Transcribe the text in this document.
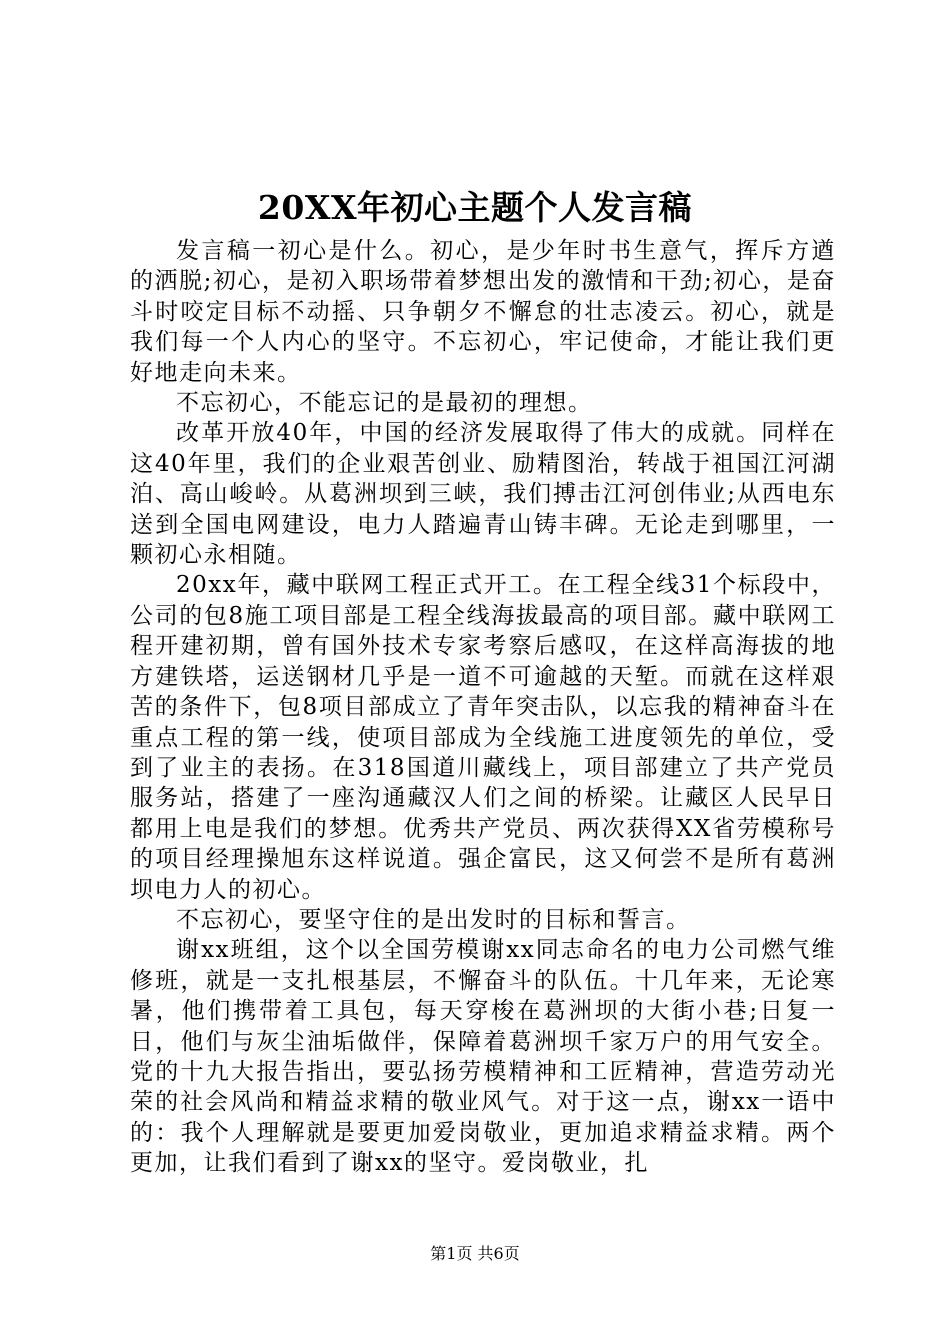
20XX年初心主题个人发言稿

发言稿一初心是什么。初心，是少年时书生意气，挥斥方遒的洒脱;初心，是初入职场带着梦想出发的激情和干劲;初心，是奋斗时咬定目标不动摇、只争朝夕不懈怠的壮志凌云。初心，就是我们每一个人内心的坚守。不忘初心，牢记使命，才能让我们更好地走向未来。

不忘初心，不能忘记的是最初的理想。

改革开放40年，中国的经济发展取得了伟大的成就。同样在这40年里，我们的企业艰苦创业、励精图治，转战于祖国江河湖泊、高山峻岭。从葛洲坝到三峡，我们搏击江河创伟业;从西电东送到全国电网建设，电力人踏遍青山铸丰碑。无论走到哪里，一颗初心永相随。

20xx年，藏中联网工程正式开工。在工程全线31个标段中，公司的包8施工项目部是工程全线海拔最高的项目部。藏中联网工程开建初期，曾有国外技术专家考察后感叹，在这样高海拔的地方建铁塔，运送钢材几乎是一道不可逾越的天堑。而就在这样艰苦的条件下，包8项目部成立了青年突击队，以忘我的精神奋斗在重点工程的第一线，使项目部成为全线施工进度领先的单位，受到了业主的表扬。在318国道川藏线上，项目部建立了共产党员服务站，搭建了一座沟通藏汉人们之间的桥梁。让藏区人民早日都用上电是我们的梦想。优秀共产党员、两次获得XX省劳模称号的项目经理操旭东这样说道。强企富民，这又何尝不是所有葛洲坝电力人的初心。

不忘初心，要坚守住的是出发时的目标和誓言。

谢xx班组，这个以全国劳模谢xx同志命名的电力公司燃气维修班，就是一支扎根基层，不懈奋斗的队伍。十几年来，无论寒暑，他们携带着工具包，每天穿梭在葛洲坝的大街小巷;日复一日，他们与灰尘油垢做伴，保障着葛洲坝千家万户的用气安全。党的十九大报告指出，要弘扬劳模精神和工匠精神，营造劳动光荣的社会风尚和精益求精的敬业风气。对于这一点，谢xx一语中的：我个人理解就是要更加爱岗敬业，更加追求精益求精。两个更加，让我们看到了谢xx的坚守。爱岗敬业，扎

第1页 共6页
